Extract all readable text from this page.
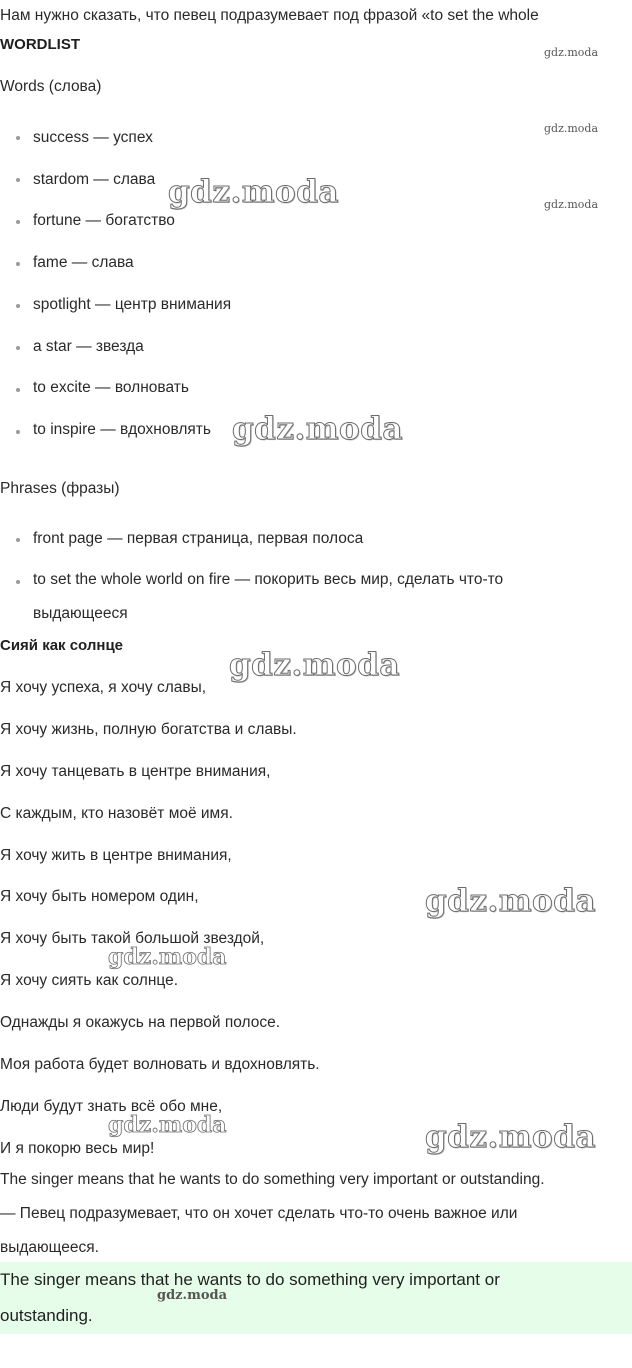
Нам нужно сказать, что певец подразумевает под фразой «to set the whole
WORDLIST
Words (слова)
success — успех
stardom — слава
fortune — богатство
fame — слава
spotlight — центр внимания
a star — звезда
to excite — волновать
to inspire — вдохновлять
Phrases (фразы)
front page — первая страница, первая полоса
to set the whole world on fire — покорить весь мир, сделать что-то
выдающееся
Сияй как солнце
Я хочу успеха, я хочу славы,
Я хочу жизнь, полную богатства и славы.
Я хочу танцевать в центре внимания,
С каждым, кто назовёт моё имя.
Я хочу жить в центре внимания,
Я хочу быть номером один,
Я хочу быть такой большой звездой,
Я хочу сиять как солнце.
Однажды я окажусь на первой полосе.
Моя работа будет волновать и вдохновлять.
Люди будут знать всё обо мне,
И я покорю весь мир!
The singer means that he wants to do something very important or outstanding.
— Певец подразумевает, что он хочет сделать что-то очень важное или
выдающееся.
The singer means that he wants to do something very important or
outstanding.
gdz.moda
gdz.moda
gdz.moda
gdz.moda
gdz.moda
gdz.moda
gdz.moda
gdz.moda
gdz.moda	gdz.moda
gdz.moda
